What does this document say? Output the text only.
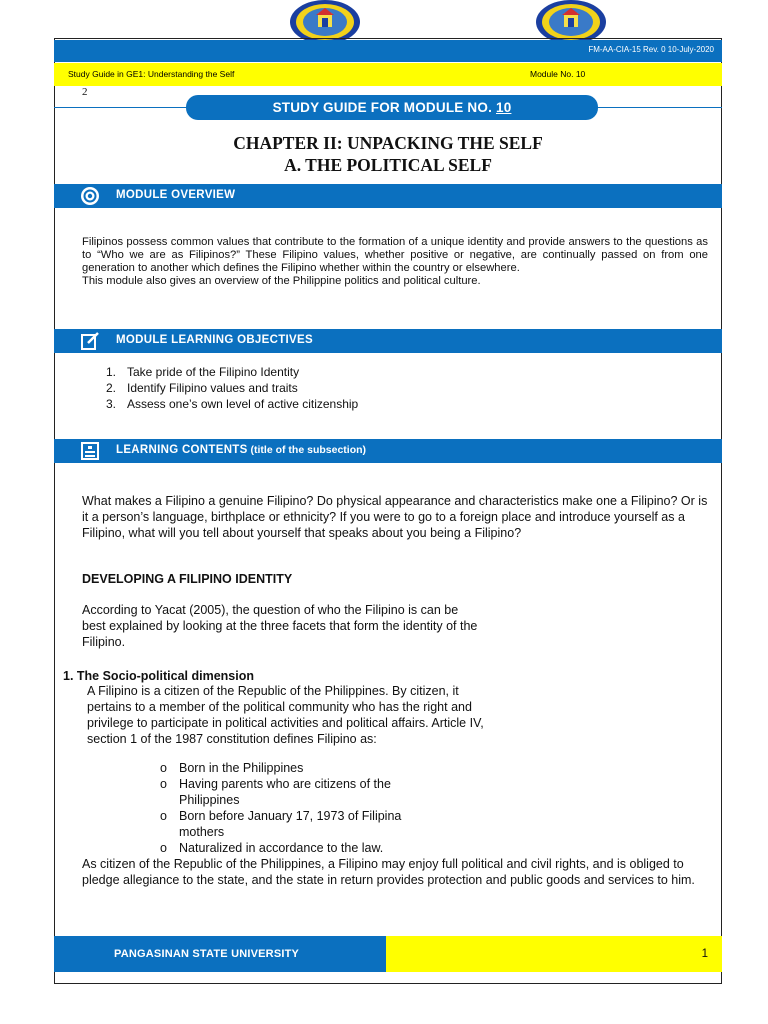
FM-AA-CIA-15 Rev. 0 10-July-2020
Study Guide in GE1: Understanding the Self	Module No. 10
2
STUDY GUIDE FOR MODULE NO. 10
CHAPTER II: UNPACKING THE SELF
A. THE POLITICAL SELF
MODULE OVERVIEW

Filipinos possess common values that contribute to the formation of a unique identity and provide answers to the questions as to “Who we are as Filipinos?” These Filipino values, whether positive or negative, are continually passed on from one generation to another which defines the Filipino whether within the country or elsewhere.

This module also gives an overview of the Philippine politics and political culture.

MODULE LEARNING OBJECTIVES
1. Take pride of the Filipino Identity
2. Identify Filipino values and traits
3. Assess one’s own level of active citizenship
LEARNING CONTENTS (title of the subsection)

What makes a Filipino a genuine Filipino? Do physical appearance and characteristics make one a Filipino? Or is it a person’s language, birthplace or ethnicity? If you were to go to a foreign place and introduce yourself as a Filipino, what will you tell about yourself that speaks about you being a Filipino?

DEVELOPING A FILIPINO IDENTITY

According to Yacat (2005), the question of who the Filipino is can be best explained by looking at the three facets that form the identity of the Filipino.

1. The Socio-political dimension

A Filipino is a citizen of the Republic of the Philippines. By citizen, it pertains to a member of the political community who has the right and privilege to participate in political activities and political affairs. Article IV, section 1 of the 1987 constitution defines Filipino as:

o Born in the Philippines
o Having parents who are citizens of the Philippines
o Born before January 17, 1973 of Filipina mothers
o Naturalized in accordance to the law.

As citizen of the Republic of the Philippines, a Filipino may enjoy full political and civil rights, and is obliged to pledge allegiance to the state, and the state in return provides protection and public goods and services to him.

PANGASINAN STATE UNIVERSITY	1
